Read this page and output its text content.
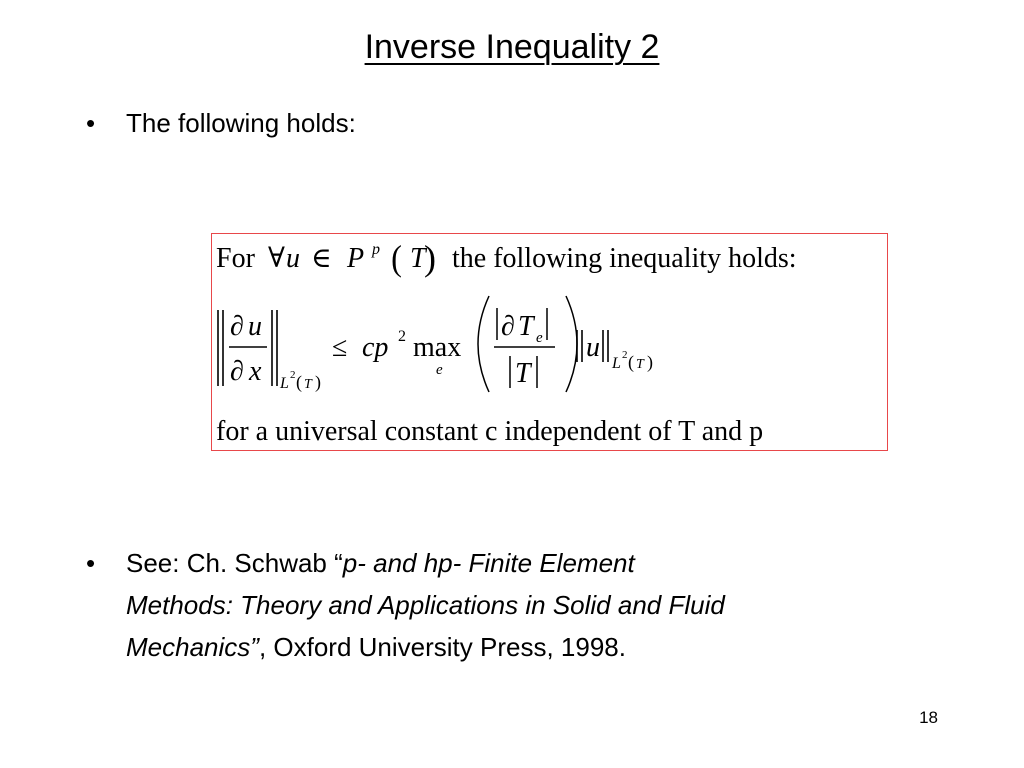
Inverse Inequality 2
• The following holds:
For ∀ u ∈ P p ( T
) the following inequality holds:
∂ u
∂ x L 2 ( T )
≤ cp 2 max
e
∂ T e
T
u
L 2 ( T )
for a universal constant c independent of T and p
• See: Ch. Schwab “p- and hp- Finite Element
Methods: Theory and Applications in Solid and Fluid
Mechanics”, Oxford University Press, 1998.
18
